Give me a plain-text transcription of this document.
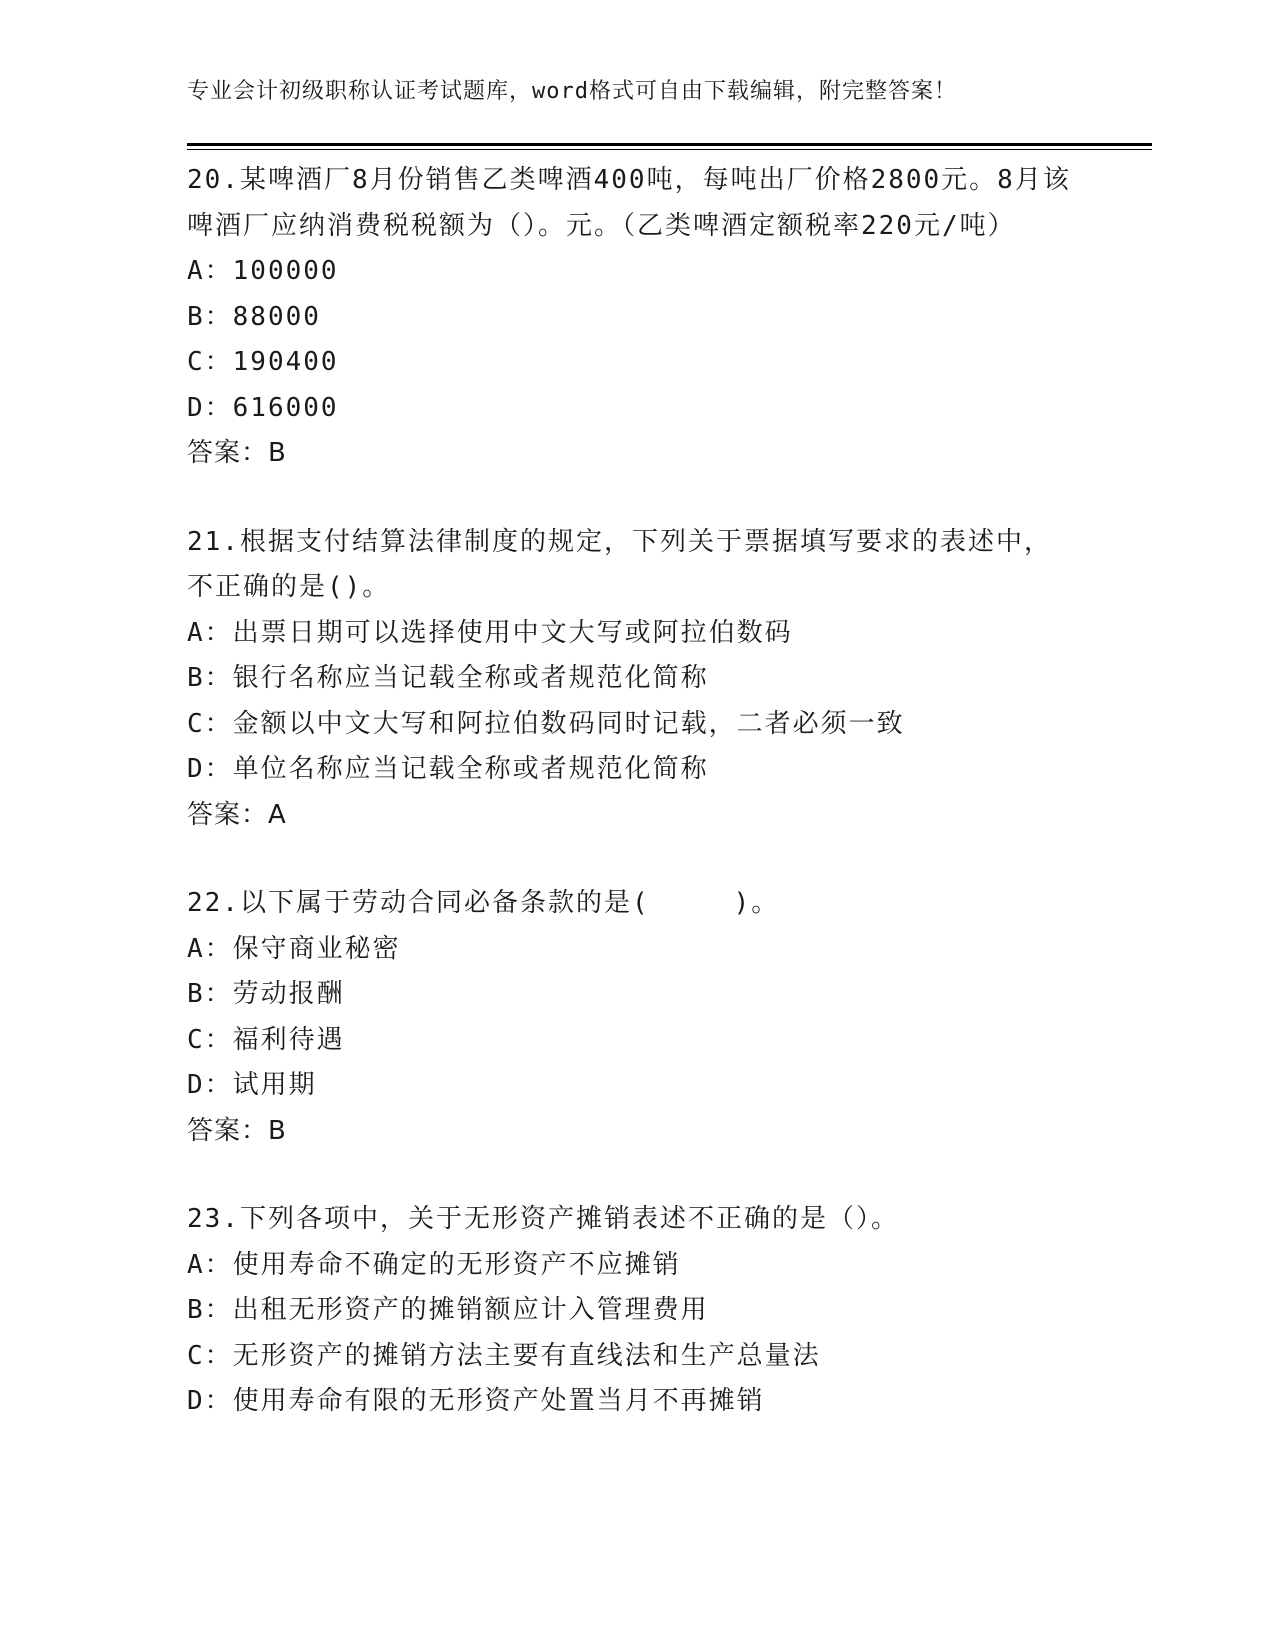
专业会计初级职称认证考试题库，word格式可自由下载编辑，附完整答案！
20.某啤酒厂8月份销售乙类啤酒400吨，每吨出厂价格2800元。8月该啤酒厂应纳消费税税额为（）。元。（乙类啤酒定额税率220元/吨）
A：100000
B：88000
C：190400
D：616000
答案：B
21.根据支付结算法律制度的规定，下列关于票据填写要求的表述中，不正确的是()。
A：出票日期可以选择使用中文大写或阿拉伯数码
B：银行名称应当记载全称或者规范化简称
C：金额以中文大写和阿拉伯数码同时记载，二者必须一致
D：单位名称应当记载全称或者规范化简称
答案：A
22.以下属于劳动合同必备条款的是(　　　)。
A：保守商业秘密
B：劳动报酬
C：福利待遇
D：试用期
答案：B
23.下列各项中，关于无形资产摊销表述不正确的是（）。
A：使用寿命不确定的无形资产不应摊销
B：出租无形资产的摊销额应计入管理费用
C：无形资产的摊销方法主要有直线法和生产总量法
D：使用寿命有限的无形资产处置当月不再摊销
